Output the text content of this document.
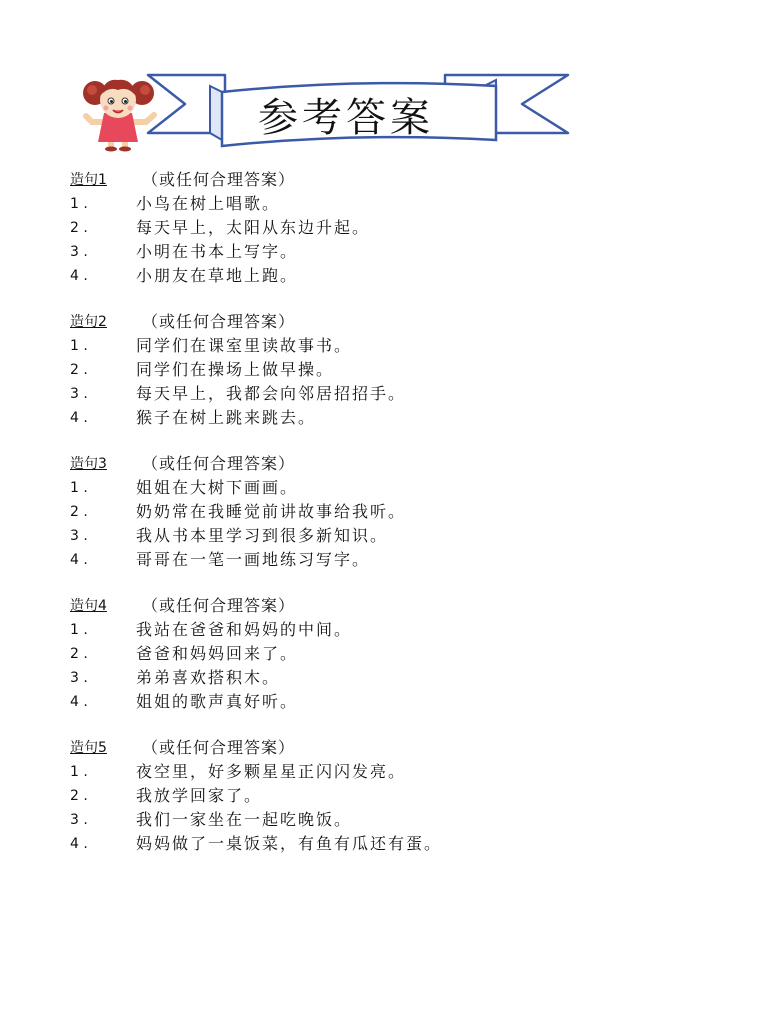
参考答案
造句1	（或任何合理答案）
1 .	小鸟在树上唱歌。
2 .	每天早上，太阳从东边升起。
3 .	小明在书本上写字。
4 .	小朋友在草地上跑。
造句2	（或任何合理答案）
1 .	同学们在课室里读故事书。
2 .	同学们在操场上做早操。
3 .	每天早上，我都会向邻居招招手。
4 .	猴子在树上跳来跳去。
造句3	（或任何合理答案）
1 .	姐姐在大树下画画。
2 .	奶奶常在我睡觉前讲故事给我听。
3 .	我从书本里学习到很多新知识。
4 .	哥哥在一笔一画地练习写字。
造句4	（或任何合理答案）
1 .	我站在爸爸和妈妈的中间。
2 .	爸爸和妈妈回来了。
3 .	弟弟喜欢搭积木。
4 .	姐姐的歌声真好听。
造句5	（或任何合理答案）
1 .	夜空里，好多颗星星正闪闪发亮。
2 .	我放学回家了。
3 .	我们一家坐在一起吃晚饭。
4 .	妈妈做了一桌饭菜，有鱼有瓜还有蛋。
